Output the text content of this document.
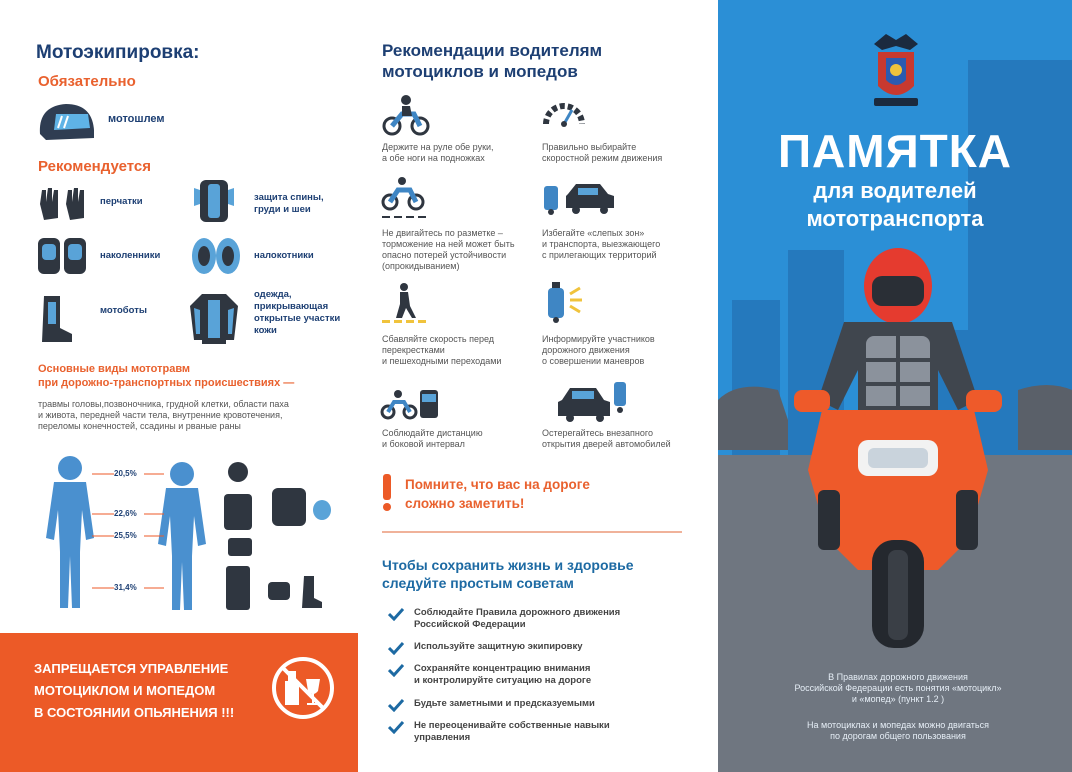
Мотоэкипировка:
Обязательно
мотошлем
Рекомендуется
перчатки	защита спины,
груди и шеи
наколенники	налокотники
мотоботы
одежда,
прикрывающая
открытые участки
кожи
Основные виды мототравм
при дорожно-транспортных происшествиях —
травмы головы,позвоночника, грудной клетки, области паха
и живота, передней части тела, внутренние кровотечения,
переломы конечностей, ссадины и рваные раны
20,5%
22,6%
25,5%
31,4%
ЗАПРЕЩАЕТСЯ УПРАВЛЕНИЕ
МОТОЦИКЛОМ И МОПЕДОМ
В СОСТОЯНИИ ОПЬЯНЕНИЯ !!!
Рекомендации водителям
мотоциклов и мопедов
Держите на руле обе руки,
а обе ноги на подножках
Правильно выбирайте
скоростной режим движения
Не двигайтесь по разметке –
торможение на ней может быть
опасно потерей устойчивости
(опрокидыванием)
Избегайте «слепых зон»
и транспорта, выезжающего
с прилегающих территорий
Сбавляйте скорость перед
перекрестками
и пешеходными переходами
Информируйте участников
дорожного движения
о совершении маневров
Соблюдайте дистанцию
и боковой интервал
Остерегайтесь внезапного
открытия дверей автомобилей
Помните, что вас на дороге
сложно заметить!
Чтобы сохранить жизнь и здоровье
следуйте простым советам
Соблюдайте Правила дорожного движения
Российской Федерации
Используйте защитную экипировку
Сохраняйте концентрацию внимания
и контролируйте ситуацию на дороге
Будьте заметными и предсказуемыми
Не переоценивайте собственные навыки
управления
ПАМЯТКА
для водителей
мототранспорта
В Правилах дорожного движения
Российской Федерации есть понятия «мотоцикл»
и «мопед» (пункт 1.2 )
На мотоциклах и мопедах можно двигаться
по дорогам общего пользования
